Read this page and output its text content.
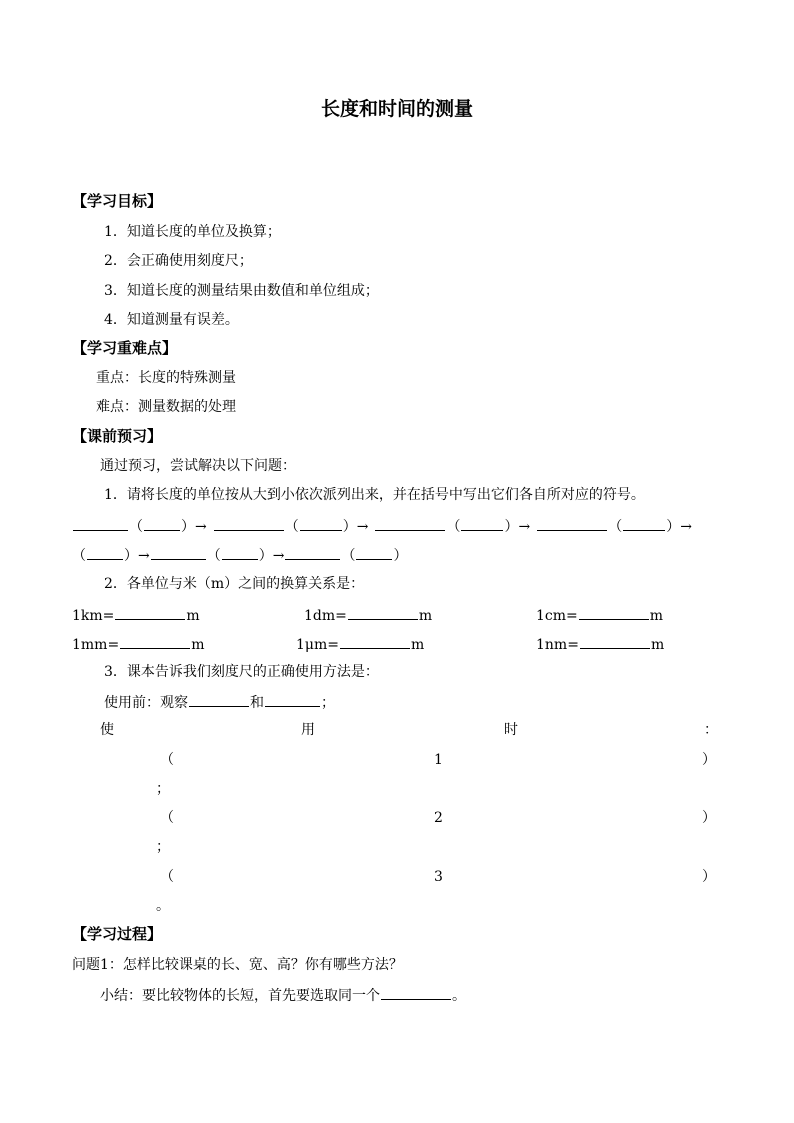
长度和时间的测量
【学习目标】
1．知道长度的单位及换算；
2．会正确使用刻度尺；
3．知道长度的测量结果由数值和单位组成；
4．知道测量有误差。
【学习重难点】
重点：长度的特殊测量
难点：测量数据的处理
【课前预习】
通过预习，尝试解决以下问题：
1．请将长度的单位按从大到小依次派列出来，并在括号中写出它们各自所对应的符号。
（	）→	（	）→	（	）→	（	）→
（	）→	（	）→	（	）
2．各单位与米（m）之间的换算关系是：
1km=	m	1dm=	m	1cm=	m
1mm=	m	1μm=	m	1nm=	m
3．课本告诉我们刻度尺的正确使用方法是：
使用前：观察	和	；
使	用	时	：
（	1	）
；
（	2	）
；
（	3	）
。
【学习过程】
问题1：怎样比较课桌的长、宽、高？你有哪些方法？
小结：要比较物体的长短，首先要选取同一个	。
